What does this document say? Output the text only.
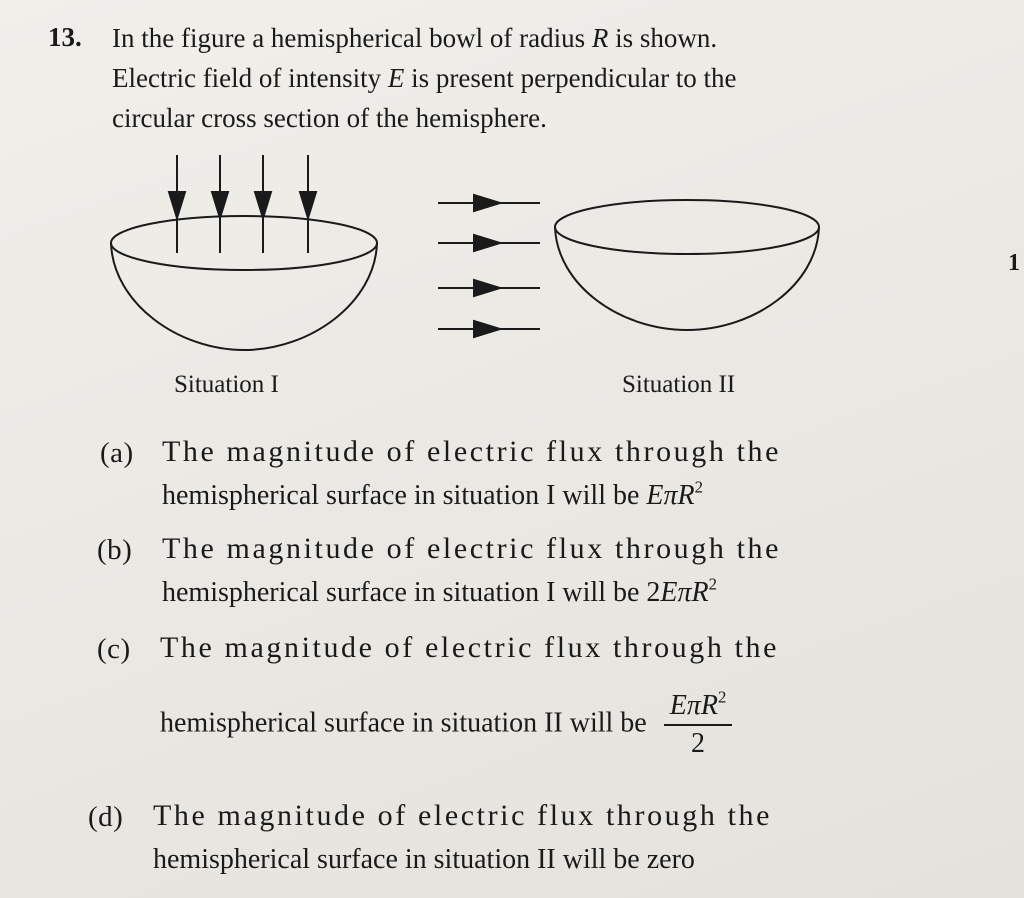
13. In the figure a hemispherical bowl of radius R is shown.
Electric field of intensity E is present perpendicular to the
circular cross section of the hemisphere.
Situation I	Situation II
(a) The magnitude of electric flux through the
hemispherical surface in situation I will be EπR$^2$
(b) The magnitude of electric flux through the
hemispherical surface in situation I will be 2EπR$^2$
(c) The magnitude of electric flux through the
hemispherical surface in situation II will be $\frac{E\pi R^2}{2}$
(d) The magnitude of electric flux through the
hemispherical surface in situation II will be zero
1
